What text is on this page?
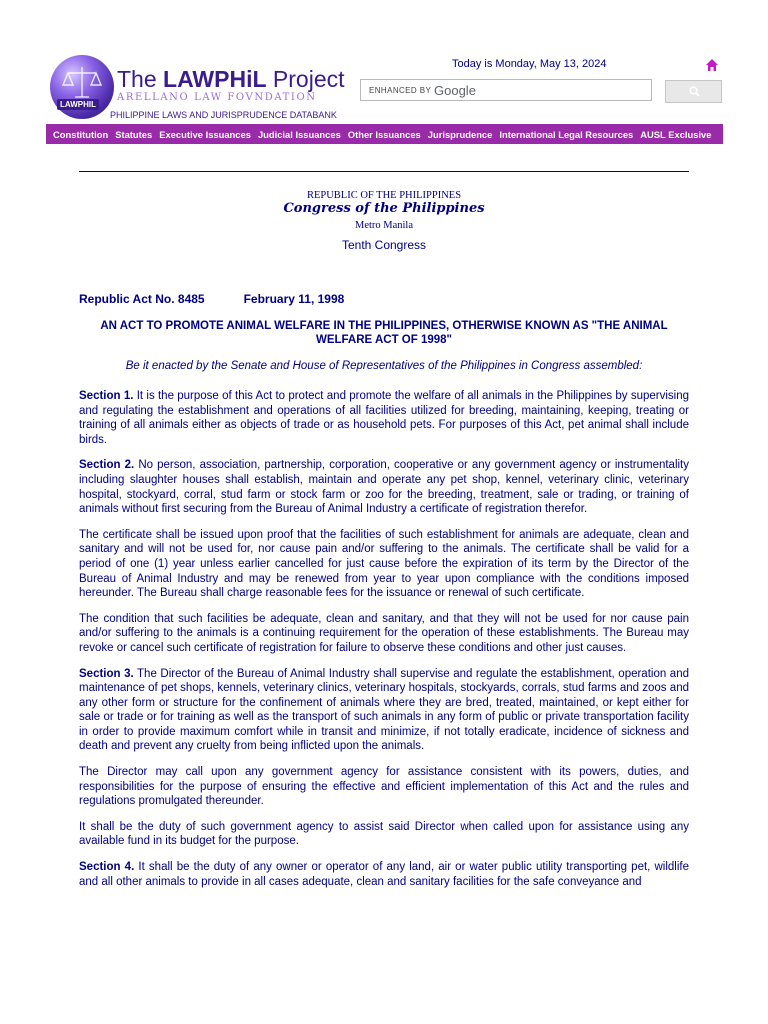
LAWPHIL
The LAWPHiL Project
ARELLANO LAW FOVNDATION
PHILIPPINE LAWS AND JURISPRUDENCE DATABANK
Today is Monday, May 13, 2024
ENHANCED BY Google
Constitution Statutes Executive Issuances Judicial Issuances Other Issuances Jurisprudence International Legal Resources AUSL Exclusive
REPUBLIC OF THE PHILIPPINES
Congress of the Philippines
Metro Manila
Tenth Congress
Republic Act No. 8485	February 11, 1998
AN ACT TO PROMOTE ANIMAL WELFARE IN THE PHILIPPINES, OTHERWISE KNOWN AS "THE ANIMAL WELFARE ACT OF 1998"
Be it enacted by the Senate and House of Representatives of the Philippines in Congress assembled:

Section 1. It is the purpose of this Act to protect and promote the welfare of all animals in the Philippines by supervising and regulating the establishment and operations of all facilities utilized for breeding, maintaining, keeping, treating or training of all animals either as objects of trade or as household pets. For purposes of this Act, pet animal shall include birds.

Section 2. No person, association, partnership, corporation, cooperative or any government agency or instrumentality including slaughter houses shall establish, maintain and operate any pet shop, kennel, veterinary clinic, veterinary hospital, stockyard, corral, stud farm or stock farm or zoo for the breeding, treatment, sale or trading, or training of animals without first securing from the Bureau of Animal Industry a certificate of registration therefor.

The certificate shall be issued upon proof that the facilities of such establishment for animals are adequate, clean and sanitary and will not be used for, nor cause pain and/or suffering to the animals. The certificate shall be valid for a period of one (1) year unless earlier cancelled for just cause before the expiration of its term by the Director of the Bureau of Animal Industry and may be renewed from year to year upon compliance with the conditions imposed hereunder. The Bureau shall charge reasonable fees for the issuance or renewal of such certificate.

The condition that such facilities be adequate, clean and sanitary, and that they will not be used for nor cause pain and/or suffering to the animals is a continuing requirement for the operation of these establishments. The Bureau may revoke or cancel such certificate of registration for failure to observe these conditions and other just causes.

Section 3. The Director of the Bureau of Animal Industry shall supervise and regulate the establishment, operation and maintenance of pet shops, kennels, veterinary clinics, veterinary hospitals, stockyards, corrals, stud farms and zoos and any other form or structure for the confinement of animals where they are bred, treated, maintained, or kept either for sale or trade or for training as well as the transport of such animals in any form of public or private transportation facility in order to provide maximum comfort while in transit and minimize, if not totally eradicate, incidence of sickness and death and prevent any cruelty from being inflicted upon the animals.

The Director may call upon any government agency for assistance consistent with its powers, duties, and responsibilities for the purpose of ensuring the effective and efficient implementation of this Act and the rules and regulations promulgated thereunder.

It shall be the duty of such government agency to assist said Director when called upon for assistance using any available fund in its budget for the purpose.

Section 4. It shall be the duty of any owner or operator of any land, air or water public utility transporting pet, wildlife and all other animals to provide in all cases adequate, clean and sanitary facilities for the safe conveyance and
